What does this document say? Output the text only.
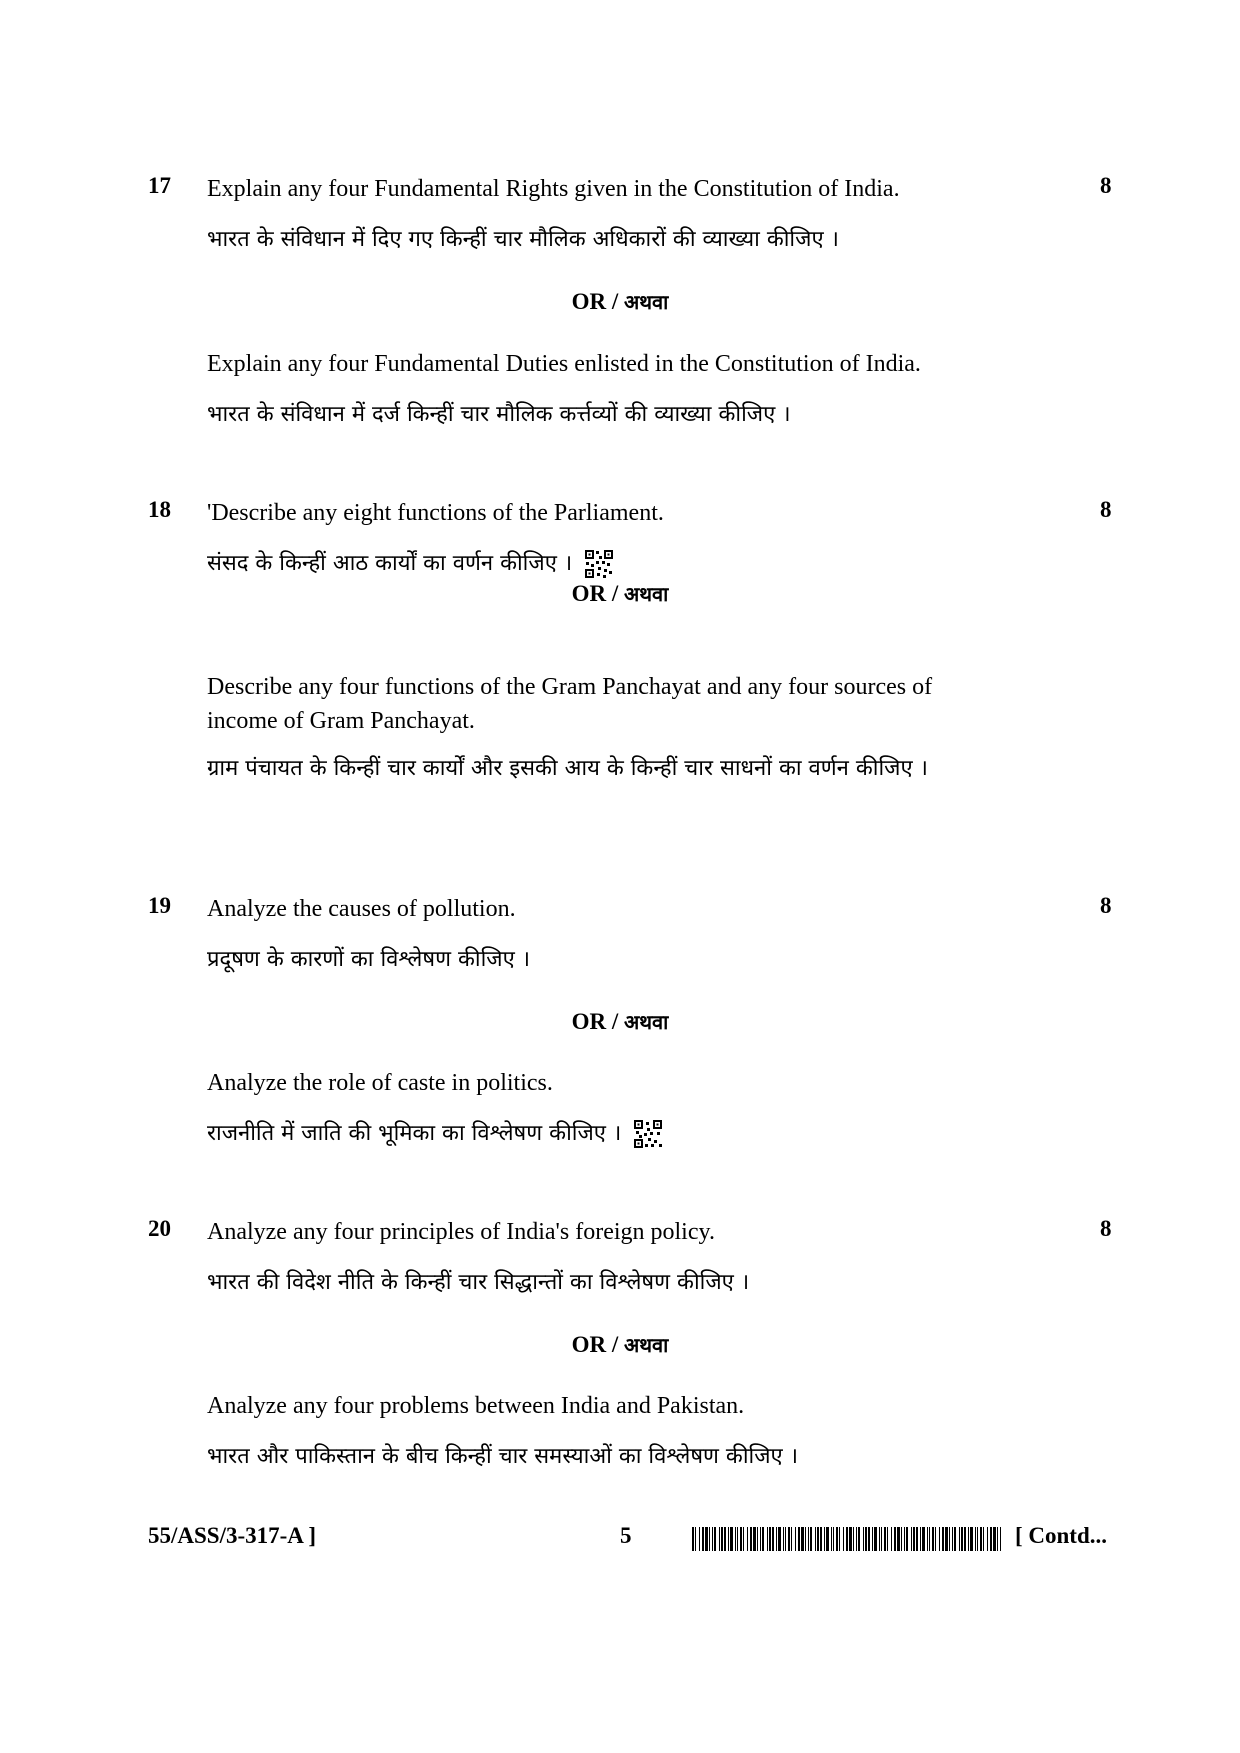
17 Explain any four Fundamental Rights given in the Constitution of India.	8
भारत के संविधान में दिए गए किन्हीं चार मौलिक अधिकारों की व्याख्या कीजिए ।
OR / अथवा
Explain any four Fundamental Duties enlisted in the Constitution of India.
भारत के संविधान में दर्ज किन्हीं चार मौलिक कर्त्तव्यों की व्याख्या कीजिए ।
18 'Describe any eight functions of the Parliament.	8
संसद के किन्हीं आठ कार्यों का वर्णन कीजिए ।
OR / अथवा
Describe any four functions of the Gram Panchayat and any four sources of income of Gram Panchayat.
ग्राम पंचायत के किन्हीं चार कार्यों और इसकी आय के किन्हीं चार साधनों का वर्णन कीजिए ।
19 Analyze the causes of pollution.	8
प्रदूषण के कारणों का विश्लेषण कीजिए ।
OR / अथवा
Analyze the role of caste in politics.
राजनीति में जाति की भूमिका का विश्लेषण कीजिए ।
20 Analyze any four principles of India's foreign policy.	8
भारत की विदेश नीति के किन्हीं चार सिद्धान्तों का विश्लेषण कीजिए ।
OR / अथवा
Analyze any four problems between India and Pakistan.
भारत और पाकिस्तान के बीच किन्हीं चार समस्याओं का विश्लेषण कीजिए ।
55/ASS/3-317-A ]	5	[ Contd...
